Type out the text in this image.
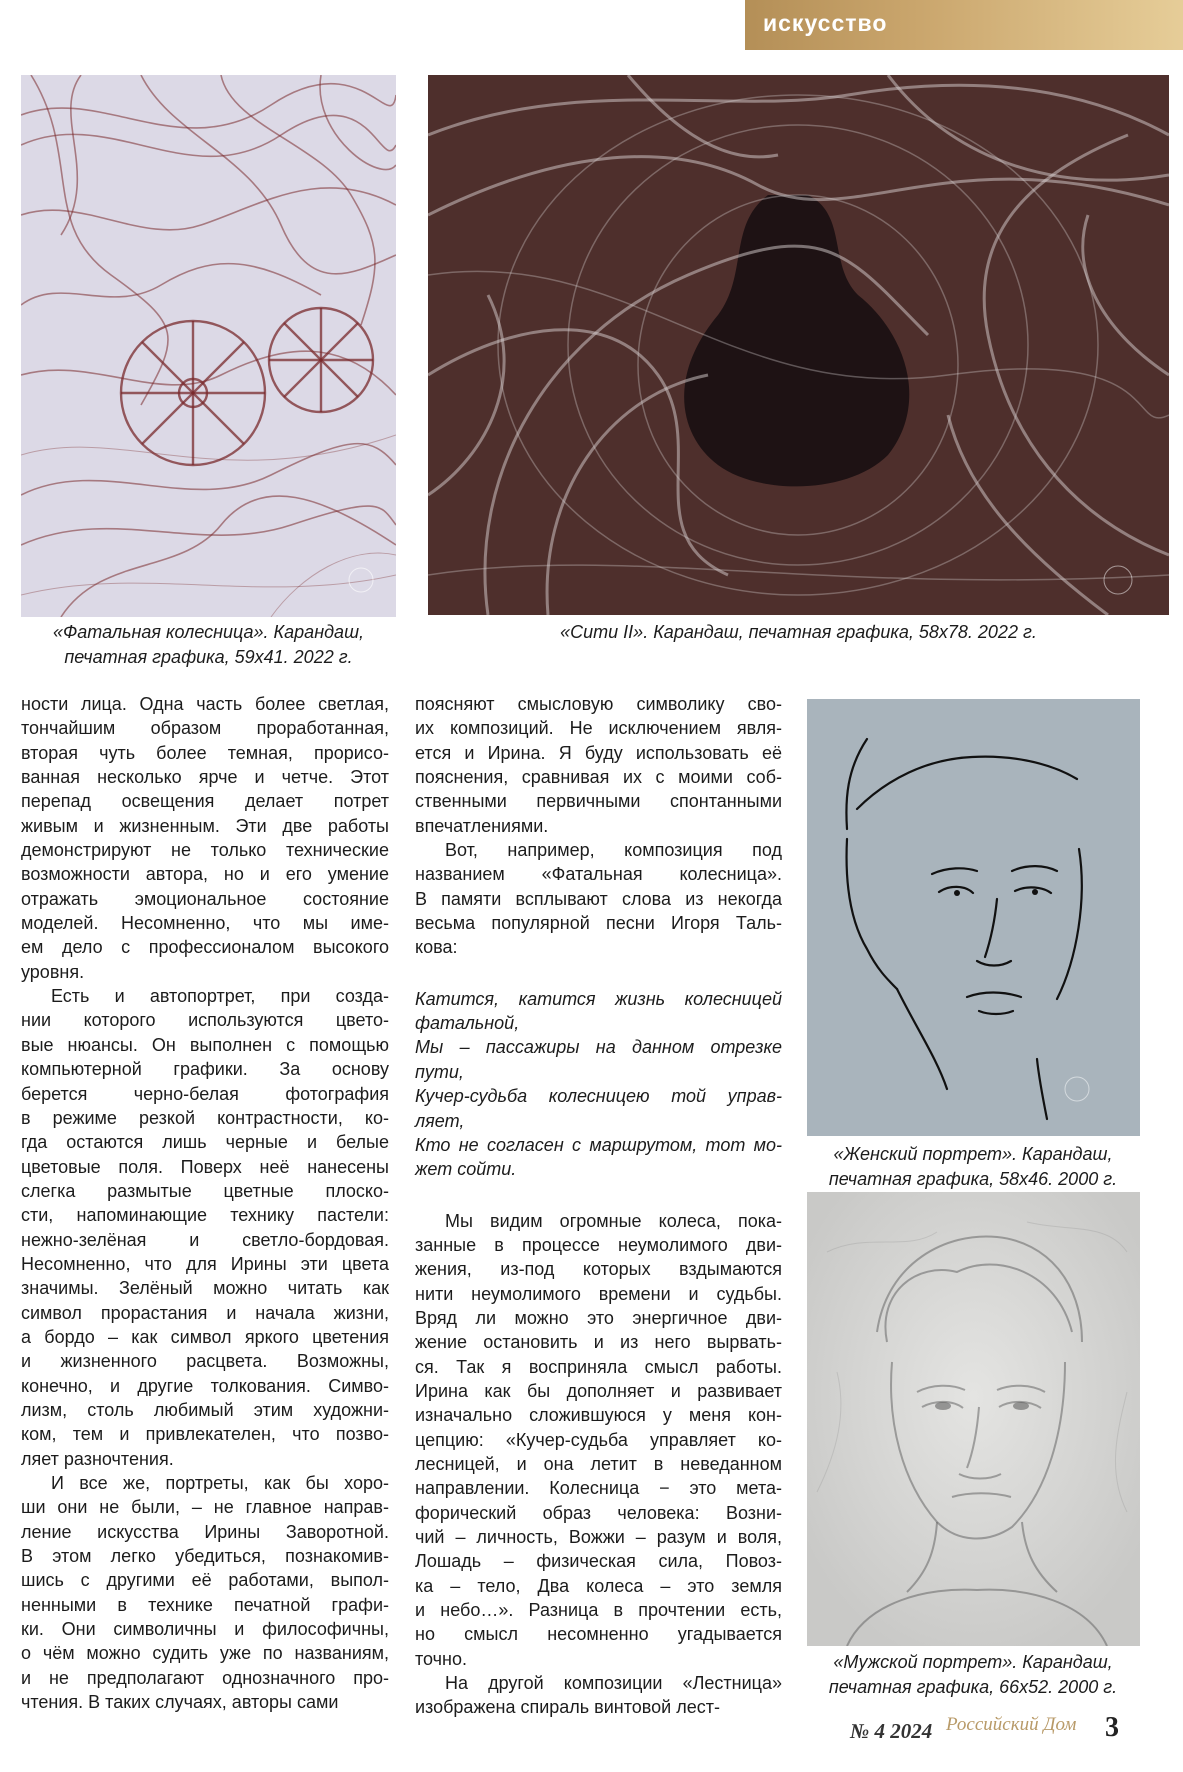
искусство
«Фатальная колесница». Карандаш,
печатная графика, 59х41. 2022 г.
«Сити II». Карандаш, печатная графика, 58х78. 2022 г.

ности лица. Одна часть более светлая,

тончайшим образом проработанная,

вторая чуть более темная, прорисо-

ванная несколько ярче и четче. Этот

перепад освещения делает потрет

живым и жизненным. Эти две работы

демонстрируют не только технические

возможности автора, но и его умение

отражать эмоциональное состояние

моделей. Несомненно, что мы име-

ем дело с профессионалом высокого

уровня.

Есть и автопортрет, при созда-

нии которого используются цвето-

вые нюансы. Он выполнен с помощью

компьютерной графики. За основу

берется черно-белая фотография

в режиме резкой контрастности, ко-

гда остаются лишь черные и белые

цветовые поля. Поверх неё нанесены

слегка размытые цветные плоско-

сти, напоминающие технику пастели:

нежно-зелёная и светло-бордовая.

Несомненно, что для Ирины эти цвета

значимы. Зелёный можно читать как

символ прорастания и начала жизни,

а бордо – как символ яркого цветения

и жизненного расцвета. Возможны,

конечно, и другие толкования. Симво-

лизм, столь любимый этим художни-

ком, тем и привлекателен, что позво-

ляет разночтения.

И все же, портреты, как бы хоро-

ши они не были, – не главное направ-

ление искусства Ирины Заворотной.

В этом легко убедиться, познакомив-

шись с другими её работами, выпол-

ненными в технике печатной графи-

ки. Они символичны и философичны,

о чём можно судить уже по названиям,

и не предполагают однозначного про-

чтения. В таких случаях, авторы сами

поясняют смысловую символику сво-

их композиций. Не исключением явля-

ется и Ирина. Я буду использовать её

пояснения, сравнивая их с моими соб-

ственными первичными спонтанными

впечатлениями.

Вот, например, композиция под

названием «Фатальная колесница».

В памяти всплывают слова из некогда

весьма популярной песни Игоря Таль-

кова:

Катится, катится жизнь колесницей

фатальной,

Мы – пассажиры на данном отрезке

пути,

Кучер-судьба колесницею той управ-

ляет,

Кто не согласен с маршрутом, тот мо-

жет сойти.

Мы видим огромные колеса, пока-

занные в процессе неумолимого дви-

жения, из-под которых вздымаются

нити неумолимого времени и судьбы.

Вряд ли можно это энергичное дви-

жение остановить и из него вырвать-

ся. Так я восприняла смысл работы.

Ирина как бы дополняет и развивает

изначально сложившуюся у меня кон-

цепцию: «Кучер-судьба управляет ко-

лесницей, и она летит в неведанном

направлении. Колесница − это мета-

форический образ человека: Возни-

чий – личность, Вожжи – разум и воля,

Лошадь – физическая сила, Повоз-

ка – тело, Два колеса – это земля

и небо…». Разница в прочтении есть,

но смысл несомненно угадывается

точно.

На другой композиции «Лестница»

изображена спираль винтовой лест-

«Женский портрет». Карандаш,
печатная графика, 58х46. 2000 г.
«Мужской портрет». Карандаш,
печатная графика, 66х52. 2000 г.
№ 4 2024 Российский Дом	3
